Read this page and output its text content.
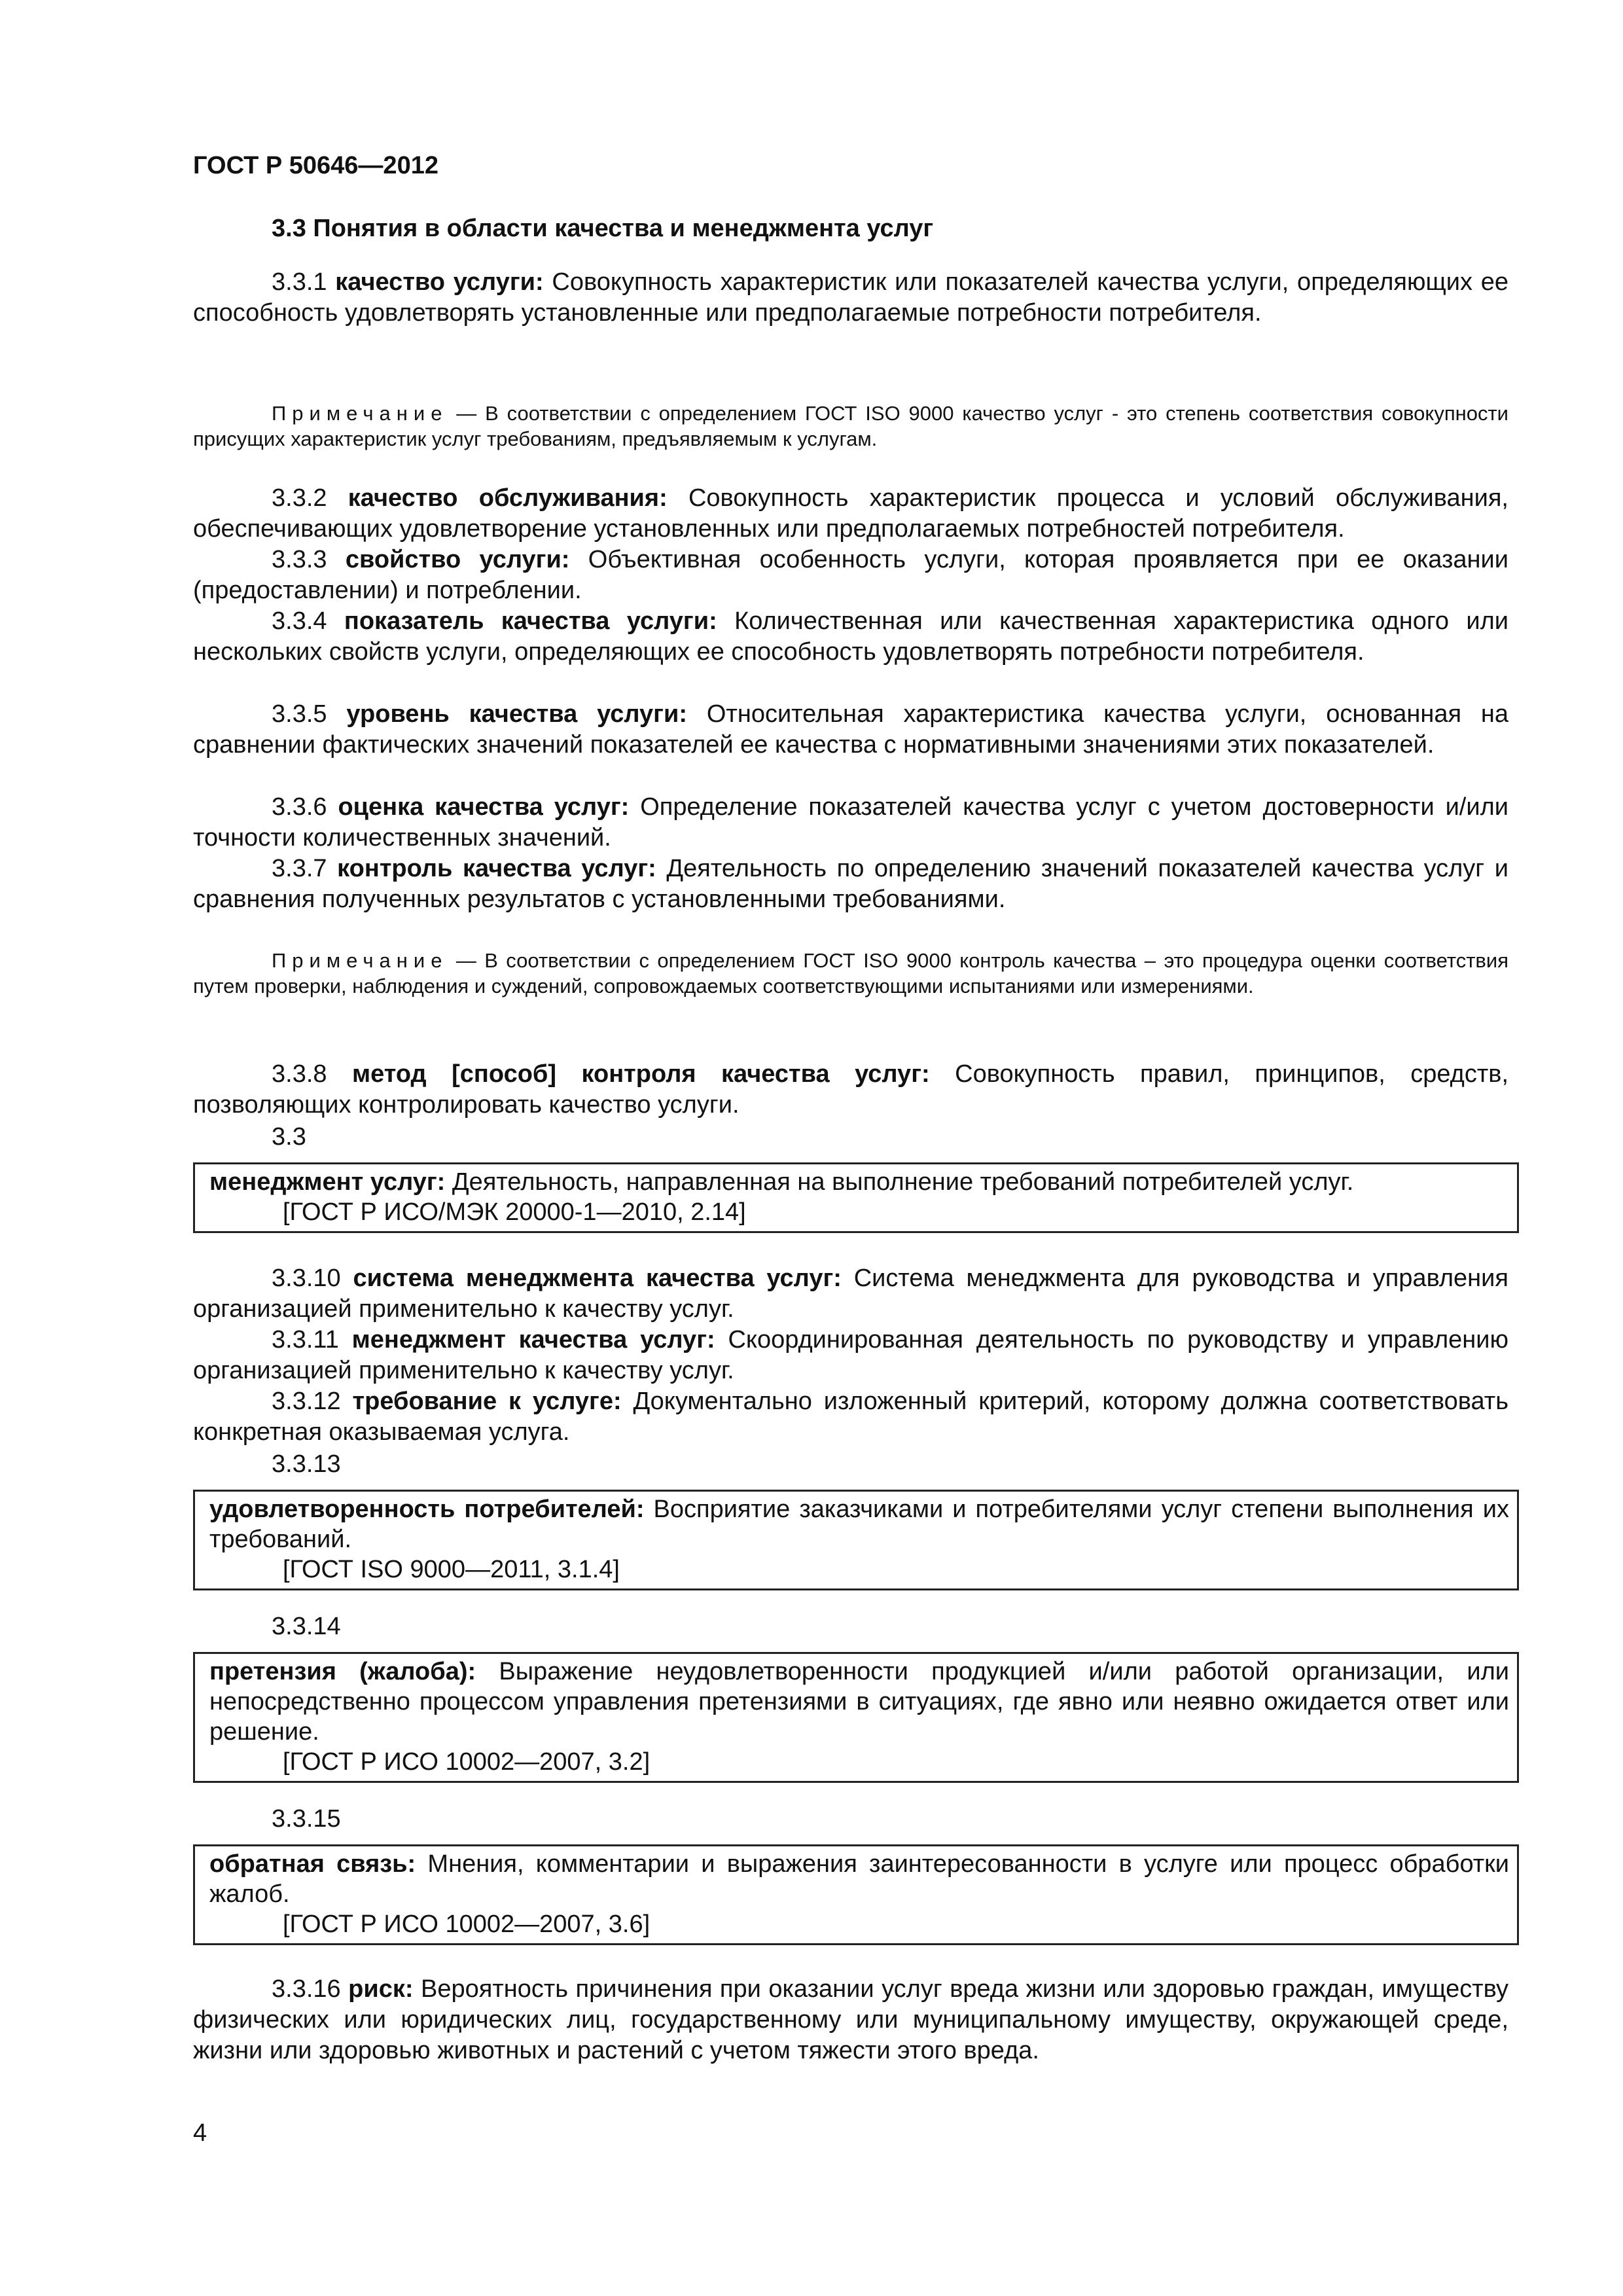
ГОСТ Р 50646—2012

3.3 Понятия в области качества и менеджмента услуг

3.3.1 качество услуги: Совокупность характеристик или показателей качества услуги, определяющих ее способность удовлетворять установленные или предполагаемые потребности потребителя.

Примечание — В соответствии с определением ГОСТ ISO 9000 качество услуг - это степень соответствия совокупности присущих характеристик услуг требованиям, предъявляемым к услугам.

3.3.2 качество обслуживания: Совокупность характеристик процесса и условий обслуживания, обеспечивающих удовлетворение установленных или предполагаемых потребностей потребителя.

3.3.3 свойство услуги: Объективная особенность услуги, которая проявляется при ее оказании (предоставлении) и потреблении.

3.3.4 показатель качества услуги: Количественная или качественная характеристика одного или нескольких свойств услуги, определяющих ее способность удовлетворять потребности потребителя.

3.3.5 уровень качества услуги: Относительная характеристика качества услуги, основанная на сравнении фактических значений показателей ее качества с нормативными значениями этих показателей.

3.3.6 оценка качества услуг: Определение показателей качества услуг с учетом достоверности и/или точности количественных значений.

3.3.7 контроль качества услуг: Деятельность по определению значений показателей качества услуг и сравнения полученных результатов с установленными требованиями.

Примечание — В соответствии с определением ГОСТ ISO 9000 контроль качества – это процедура оценки соответствия путем проверки, наблюдения и суждений, сопровождаемых соответствующими испытаниями или измерениями.

3.3.8 метод [способ] контроля качества услуг: Совокупность правил, принципов, средств, позволяющих контролировать качество услуги.

3.3

менеджмент услуг: Деятельность, направленная на выполнение требований потребителей услуг.

[ГОСТ Р ИСО/МЭК 20000-1—2010, 2.14]

3.3.10 система менеджмента качества услуг: Система менеджмента для руководства и управления организацией применительно к качеству услуг.

3.3.11 менеджмент качества услуг: Скоординированная деятельность по руководству и управлению организацией применительно к качеству услуг.

3.3.12 требование к услуге: Документально изложенный критерий, которому должна соответствовать конкретная оказываемая услуга.

3.3.13

удовлетворенность потребителей: Восприятие заказчиками и потребителями услуг степени выполнения их требований.

[ГОСТ ISO 9000—2011, 3.1.4]

3.3.14

претензия (жалоба): Выражение неудовлетворенности продукцией и/или работой организации, или непосредственно процессом управления претензиями в ситуациях, где явно или неявно ожидается ответ или решение.

[ГОСТ Р ИСО 10002—2007, 3.2]

3.3.15

обратная связь: Мнения, комментарии и выражения заинтересованности в услуге или процесс обработки жалоб.

[ГОСТ Р ИСО 10002—2007, 3.6]

3.3.16 риск: Вероятность причинения при оказании услуг вреда жизни или здоровью граждан, имуществу физических или юридических лиц, государственному или муниципальному имуществу, окружающей среде, жизни или здоровью животных и растений с учетом тяжести этого вреда.

4
